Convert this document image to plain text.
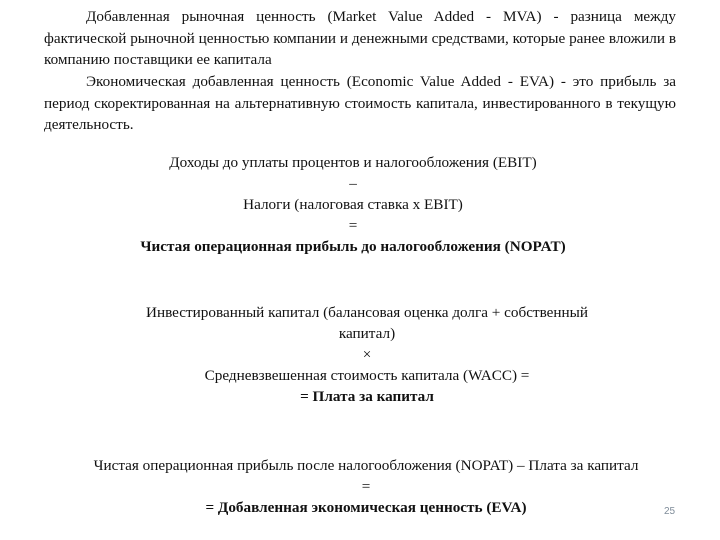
Добавленная рыночная ценность (Market Value Added - MVA) - разница между фактической рыночной ценностью компании и денежными средствами, которые ранее вложили в компанию поставщики ее капитала

Экономическая добавленная ценность (Economic Value Added - EVA) - это прибыль за период скоректированная на альтернативную стоимость капитала, инвестированного в текущую деятельность.

Доходы до уплаты процентов и налогообложения (EBIT)
–
Налоги (налоговая ставка x EBIT)
=
Чистая операционная прибыль до налогообложения (NOPAT)
Инвестированный капитал (балансовая оценка долга + собственный
капитал)
×
Средневзвешенная стоимость капитала (WACC) =
= Плата за капитал
Чистая операционная прибыль после налогообложения (NOPAT) – Плата за капитал
=
= Добавленная экономическая ценность (EVA)	25
